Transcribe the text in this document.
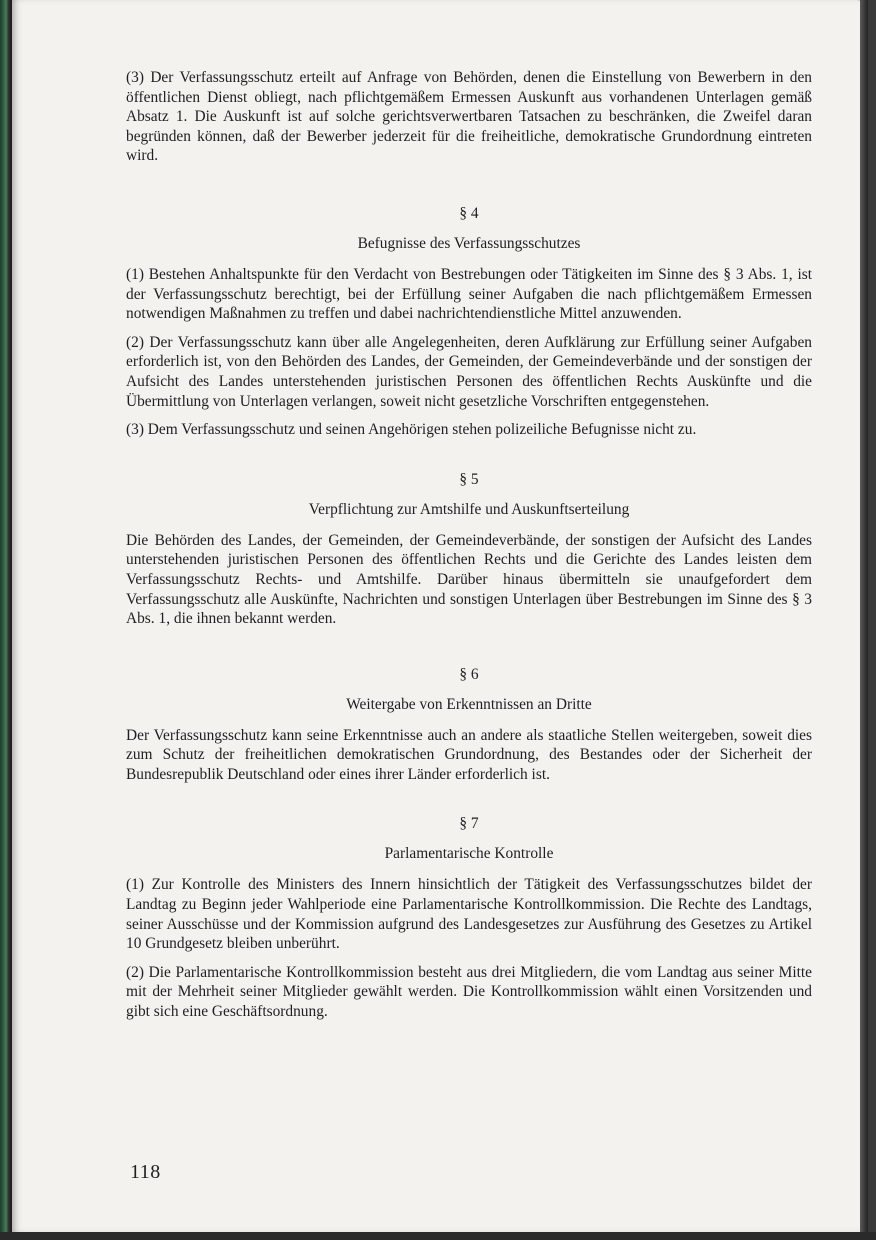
(3) Der Verfassungsschutz erteilt auf Anfrage von Behörden, denen die Einstellung von Bewerbern in den öffentlichen Dienst obliegt, nach pflichtgemäßem Ermessen Auskunft aus vorhandenen Unterlagen gemäß Absatz 1. Die Auskunft ist auf solche gerichtsverwertbaren Tatsachen zu beschränken, die Zweifel daran begründen können, daß der Bewerber jederzeit für die freiheitliche, demokratische Grundordnung eintreten wird.

§ 4
Befugnisse des Verfassungsschutzes

(1) Bestehen Anhaltspunkte für den Verdacht von Bestrebungen oder Tätigkeiten im Sinne des § 3 Abs. 1, ist der Verfassungsschutz berechtigt, bei der Erfüllung seiner Aufgaben die nach pflichtgemäßem Ermessen notwendigen Maßnahmen zu treffen und dabei nachrichtendienstliche Mittel anzuwenden.

(2) Der Verfassungsschutz kann über alle Angelegenheiten, deren Aufklärung zur Erfüllung seiner Aufgaben erforderlich ist, von den Behörden des Landes, der Gemeinden, der Gemeindeverbände und der sonstigen der Aufsicht des Landes unterstehenden juristischen Personen des öffentlichen Rechts Auskünfte und die Übermittlung von Unterlagen verlangen, soweit nicht gesetzliche Vorschriften entgegenstehen.

(3) Dem Verfassungsschutz und seinen Angehörigen stehen polizeiliche Befugnisse nicht zu.

§ 5
Verpflichtung zur Amtshilfe und Auskunftserteilung

Die Behörden des Landes, der Gemeinden, der Gemeindeverbände, der sonstigen der Aufsicht des Landes unterstehenden juristischen Personen des öffentlichen Rechts und die Gerichte des Landes leisten dem Verfassungsschutz Rechts- und Amtshilfe. Darüber hinaus übermitteln sie unaufgefordert dem Verfassungsschutz alle Auskünfte, Nachrichten und sonstigen Unterlagen über Bestrebungen im Sinne des § 3 Abs. 1, die ihnen bekannt werden.

§ 6
Weitergabe von Erkenntnissen an Dritte

Der Verfassungsschutz kann seine Erkenntnisse auch an andere als staatliche Stellen weitergeben, soweit dies zum Schutz der freiheitlichen demokratischen Grundordnung, des Bestandes oder der Sicherheit der Bundesrepublik Deutschland oder eines ihrer Länder erforderlich ist.

§ 7
Parlamentarische Kontrolle

(1) Zur Kontrolle des Ministers des Innern hinsichtlich der Tätigkeit des Verfassungsschutzes bildet der Landtag zu Beginn jeder Wahlperiode eine Parlamentarische Kontrollkommission. Die Rechte des Landtags, seiner Ausschüsse und der Kommission aufgrund des Landesgesetzes zur Ausführung des Gesetzes zu Artikel 10 Grundgesetz bleiben unberührt.

(2) Die Parlamentarische Kontrollkommission besteht aus drei Mitgliedern, die vom Landtag aus seiner Mitte mit der Mehrheit seiner Mitglieder gewählt werden. Die Kontrollkommission wählt einen Vorsitzenden und gibt sich eine Geschäftsordnung.

118
